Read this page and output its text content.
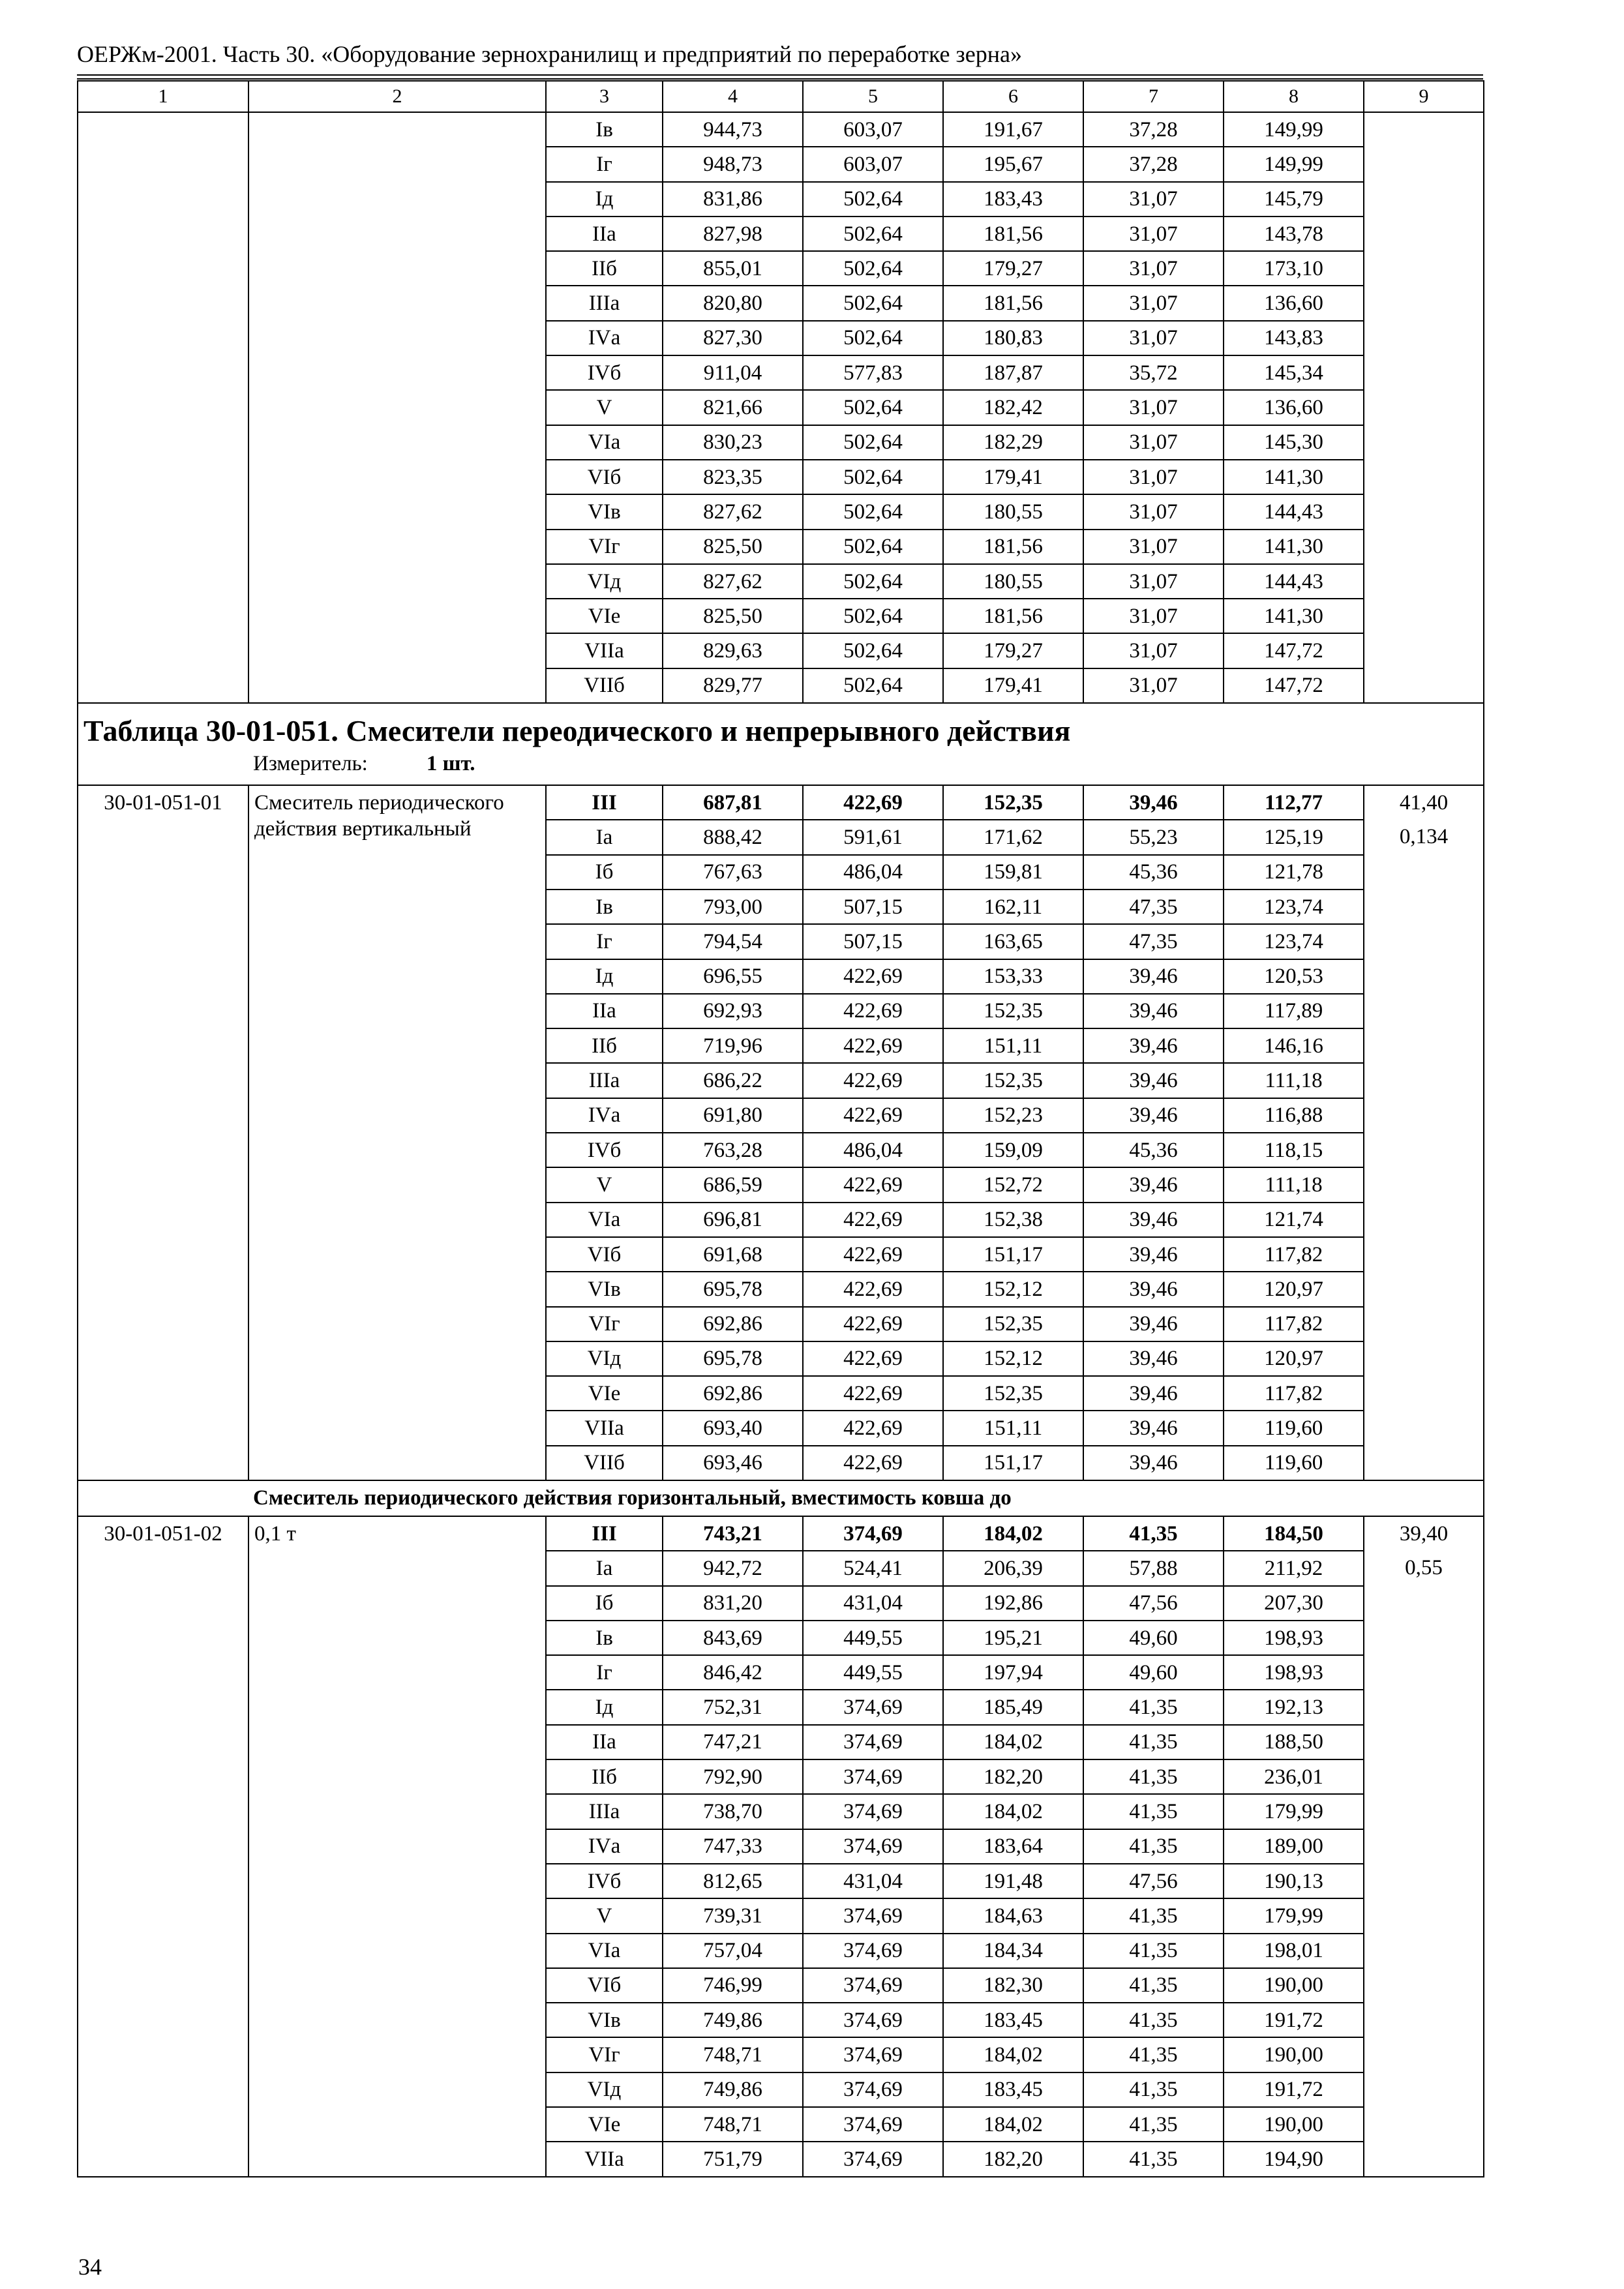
ОЕРЖм-2001. Часть 30. «Оборудование зернохранилищ и предприятий по переработке зерна»
1	2	3	4	5	6	7	8	9
		Iв	944,73	603,07	191,67	37,28	149,99	
		Iг	948,73	603,07	195,67	37,28	149,99	
		Iд	831,86	502,64	183,43	31,07	145,79	
		IIа	827,98	502,64	181,56	31,07	143,78	
		IIб	855,01	502,64	179,27	31,07	173,10	
		IIIа	820,80	502,64	181,56	31,07	136,60	
		IVа	827,30	502,64	180,83	31,07	143,83	
		IVб	911,04	577,83	187,87	35,72	145,34	
		V	821,66	502,64	182,42	31,07	136,60	
		VIа	830,23	502,64	182,29	31,07	145,30	
		VIб	823,35	502,64	179,41	31,07	141,30	
		VIв	827,62	502,64	180,55	31,07	144,43	
		VIг	825,50	502,64	181,56	31,07	141,30	
		VIд	827,62	502,64	180,55	31,07	144,43	
		VIе	825,50	502,64	181,56	31,07	141,30	
		VIIа	829,63	502,64	179,27	31,07	147,72	
		VIIб	829,77	502,64	179,41	31,07	147,72	

Таблица 30-01-051. Смесители переодического и непрерывного действия
Измеритель: 1 шт.								

30-01-051-01	Смеситель периодического действия вертикальный	III	687,81	422,69	152,35	39,46	112,77	41,40
		Iа	888,42	591,61	171,62	55,23	125,19	0,134
		Iб	767,63	486,04	159,81	45,36	121,78	
		Iв	793,00	507,15	162,11	47,35	123,74	
		Iг	794,54	507,15	163,65	47,35	123,74	
		Iд	696,55	422,69	153,33	39,46	120,53	
		IIа	692,93	422,69	152,35	39,46	117,89	
		IIб	719,96	422,69	151,11	39,46	146,16	
		IIIа	686,22	422,69	152,35	39,46	111,18	
		IVа	691,80	422,69	152,23	39,46	116,88	
		IVб	763,28	486,04	159,09	45,36	118,15	
		V	686,59	422,69	152,72	39,46	111,18	
		VIа	696,81	422,69	152,38	39,46	121,74	
		VIб	691,68	422,69	151,17	39,46	117,82	
		VIв	695,78	422,69	152,12	39,46	120,97	
		VIг	692,86	422,69	152,35	39,46	117,82	
		VIд	695,78	422,69	152,12	39,46	120,97	
		VIе	692,86	422,69	152,35	39,46	117,82	
		VIIа	693,40	422,69	151,11	39,46	119,60	
		VIIб	693,46	422,69	151,17	39,46	119,60	
Смеситель периодического действия горизонтальный, вместимость ковша до								
30-01-051-02	0,1 т	III	743,21	374,69	184,02	41,35	184,50	39,40
		Iа	942,72	524,41	206,39	57,88	211,92	0,55
		Iб	831,20	431,04	192,86	47,56	207,30	
		Iв	843,69	449,55	195,21	49,60	198,93	
		Iг	846,42	449,55	197,94	49,60	198,93	
		Iд	752,31	374,69	185,49	41,35	192,13	
		IIа	747,21	374,69	184,02	41,35	188,50	
		IIб	792,90	374,69	182,20	41,35	236,01	
		IIIа	738,70	374,69	184,02	41,35	179,99	
		IVа	747,33	374,69	183,64	41,35	189,00	
		IVб	812,65	431,04	191,48	47,56	190,13	
		V	739,31	374,69	184,63	41,35	179,99	
		VIа	757,04	374,69	184,34	41,35	198,01	
		VIб	746,99	374,69	182,30	41,35	190,00	
		VIв	749,86	374,69	183,45	41,35	191,72	
		VIг	748,71	374,69	184,02	41,35	190,00	
		VIд	749,86	374,69	183,45	41,35	191,72	
		VIе	748,71	374,69	184,02	41,35	190,00	
		VIIа	751,79	374,69	182,20	41,35	194,90	
34
